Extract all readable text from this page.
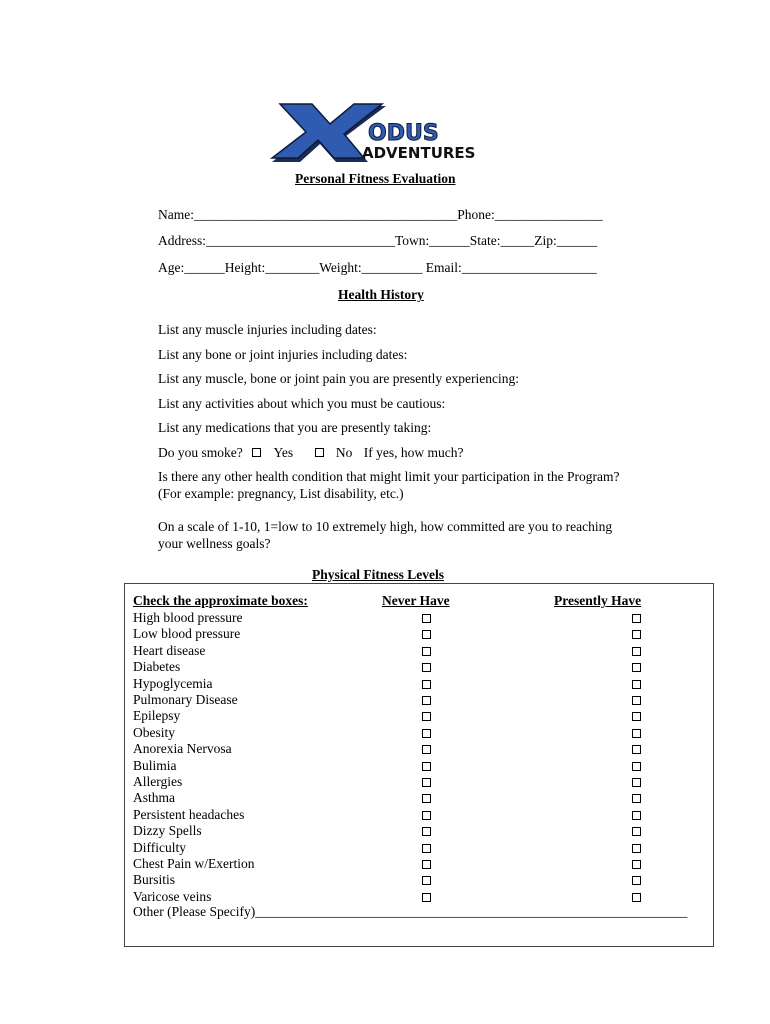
ODUS
ADVENTURES
Personal Fitness Evaluation
Name:_______________________________________Phone:________________
Address:____________________________Town:______State:_____Zip:______
Age:______Height:________Weight:_________ Email:____________________
Health History
List any muscle injuries including dates:
List any bone or joint injuries including dates:
List any muscle, bone or joint pain you are presently experiencing:
List any activities about which you must be cautious:
List any medications that you are presently taking:
Do you smoke? Yes	No If yes, how much?
Is there any other health condition that might limit your participation in the Program?
(For example: pregnancy, List disability, etc.)
On a scale of 1-10, 1=low to 10 extremely high, how committed are you to reaching
your wellness goals?
Physical Fitness Levels
Check the approximate boxes:	Never Have	Presently Have
High blood pressure
Low blood pressure
Heart disease
Diabetes
Hypoglycemia
Pulmonary Disease
Epilepsy
Obesity
Anorexia Nervosa
Bulimia
Allergies
Asthma
Persistent headaches
Dizzy Spells
Difficulty
Chest Pain w/Exertion
Bursitis
Varicose veins
Other (Please Specify)________________________________________________________________
